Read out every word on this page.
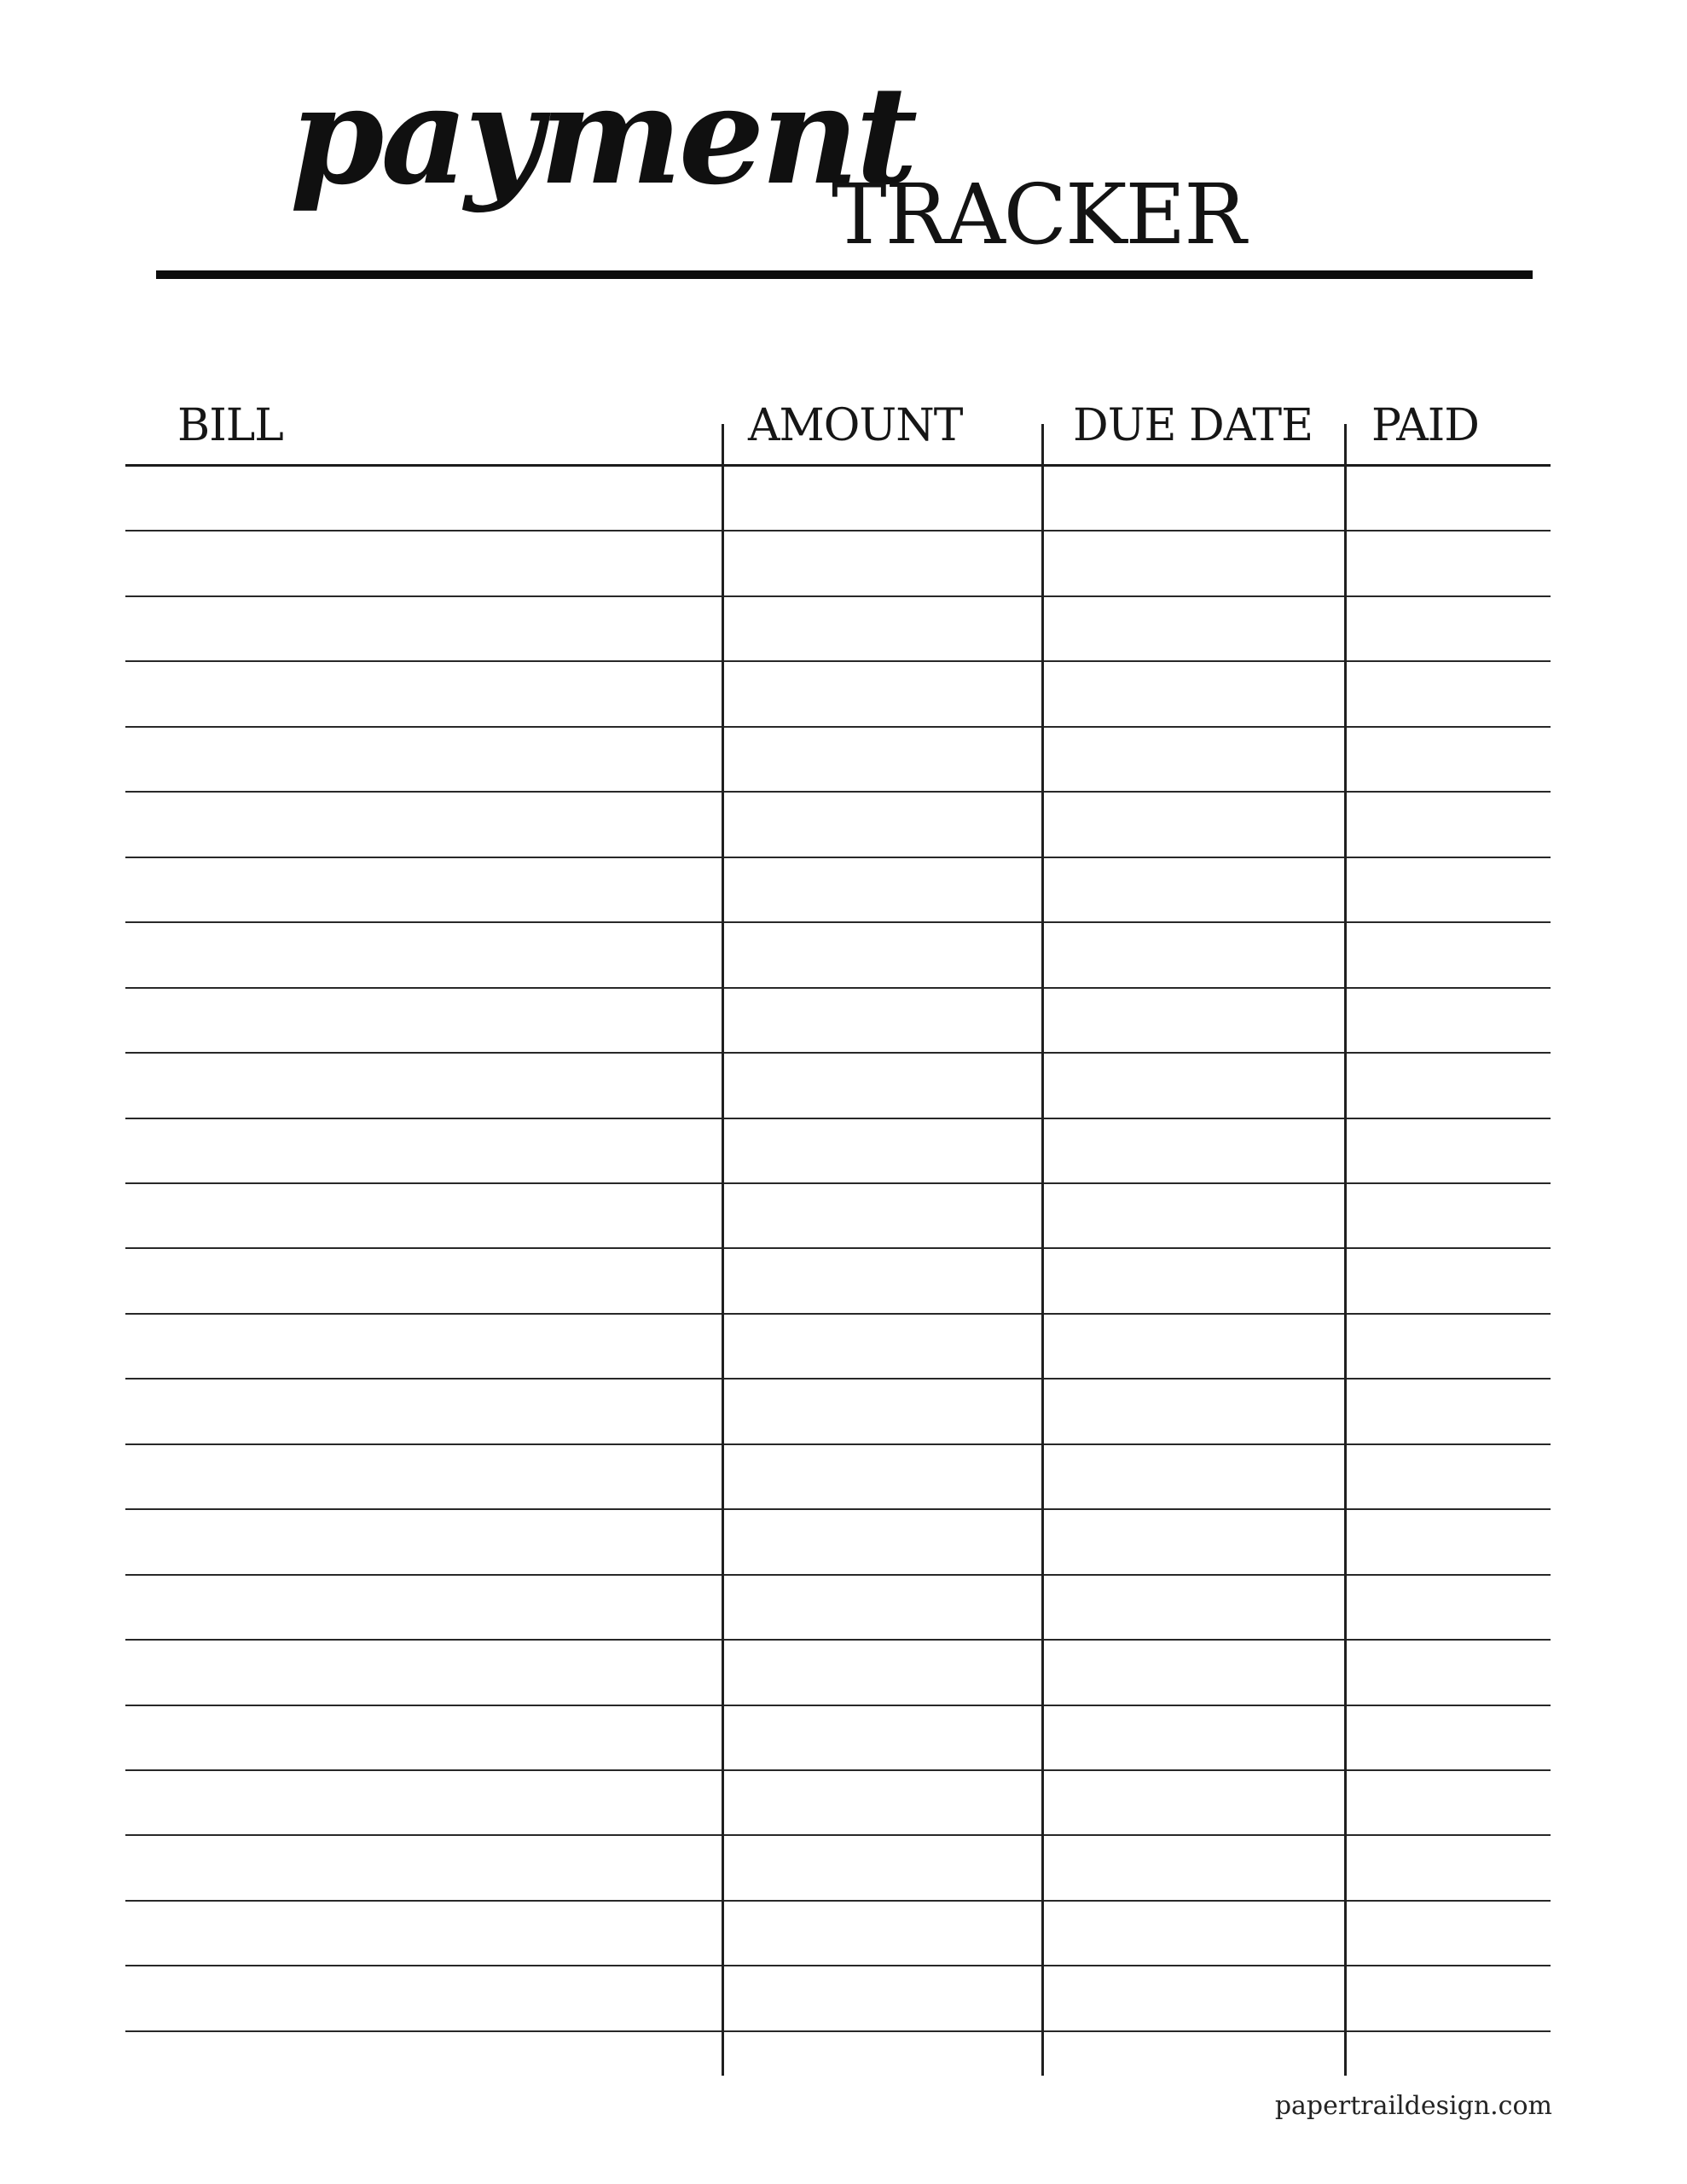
payment
TRACKER
BILL	AMOUNT DUE DATE PAID
papertraildesign.com
